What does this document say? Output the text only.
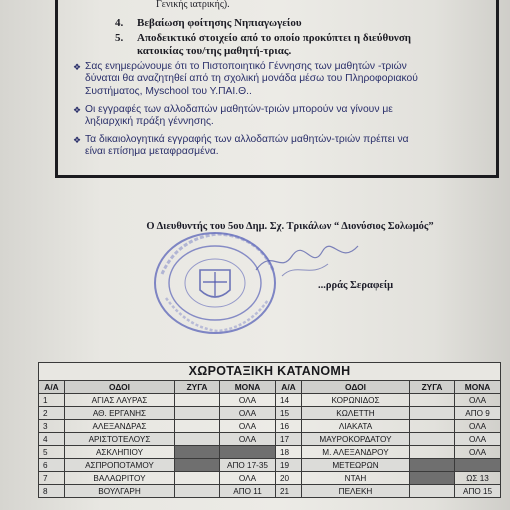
Γενικής ιατρικής).
4. Βεβαίωση φοίτησης Νηπιαγωγείου
5. Αποδεικτικό στοιχείο από το οποίο προκύπτει η διεύθυνση
κατοικίας του/της μαθητή-τριας.
❖ Σας ενημερώνουμε ότι το Πιστοποιητικό Γέννησης των μαθητών -τριών
δύναται θα αναζητηθεί από τη σχολική μονάδα μέσω του Πληροφοριακού
Συστήματος, Myschool του Υ.ΠΑΙ.Θ..
❖ Οι εγγραφές των αλλοδαπών μαθητών-τριών μπορούν να γίνουν με
ληξιαρχική πράξη γέννησης.
❖ Τα δικαιολογητικά εγγραφής των αλλοδαπών μαθητών-τριών πρέπει να
είναι επίσημα μεταφρασμένα.
Ο Διευθυντής του 5ου Δημ. Σχ. Τρικάλων “ Διονύσιος Σολωμός”
...ρράς Σεραφείμ
ΧΩΡΟΤΑΞΙΚΗ ΚΑΤΑΝΟΜΗ							
Α/Α	ΟΔΟΙ	ΖΥΓΑ	ΜΟΝΑ	Α/Α	ΟΔΟΙ	ΖΥΓΑ	ΜΟΝΑ
1	ΑΓΙΑΣ ΛΑΥΡΑΣ		ΟΛΑ	14	ΚΟΡΩΝΙΔΟΣ		ΟΛΑ
2	ΑΘ. ΕΡΓΑΝΗΣ		ΟΛΑ	15	ΚΩΛΕΤΤΗ		ΑΠΟ 9
3	ΑΛΕΞΑΝΔΡΑΣ		ΟΛΑ	16	ΛΙΑΚΑΤΑ		ΟΛΑ
4	ΑΡΙΣΤΟΤΕΛΟΥΣ		ΟΛΑ	17	ΜΑΥΡΟΚΟΡΔΑΤΟΥ		ΟΛΑ
5	ΑΣΚΛΗΠΙΟΥ			18	Μ. ΑΛΕΞΑΝΔΡΟΥ		ΟΛΑ
6	ΑΣΠΡΟΠΟΤΑΜΟΥ		ΑΠΟ 17-35	19	ΜΕΤΕΩΡΩΝ		
7	ΒΑΛΑΩΡΙΤΟΥ		ΟΛΑ	20	ΝΤΑΗ		ΩΣ 13
8	ΒΟΥΛΓΑΡΗ		ΑΠΟ 11	21	ΠΕΛΕΚΗ		ΑΠΟ 15
